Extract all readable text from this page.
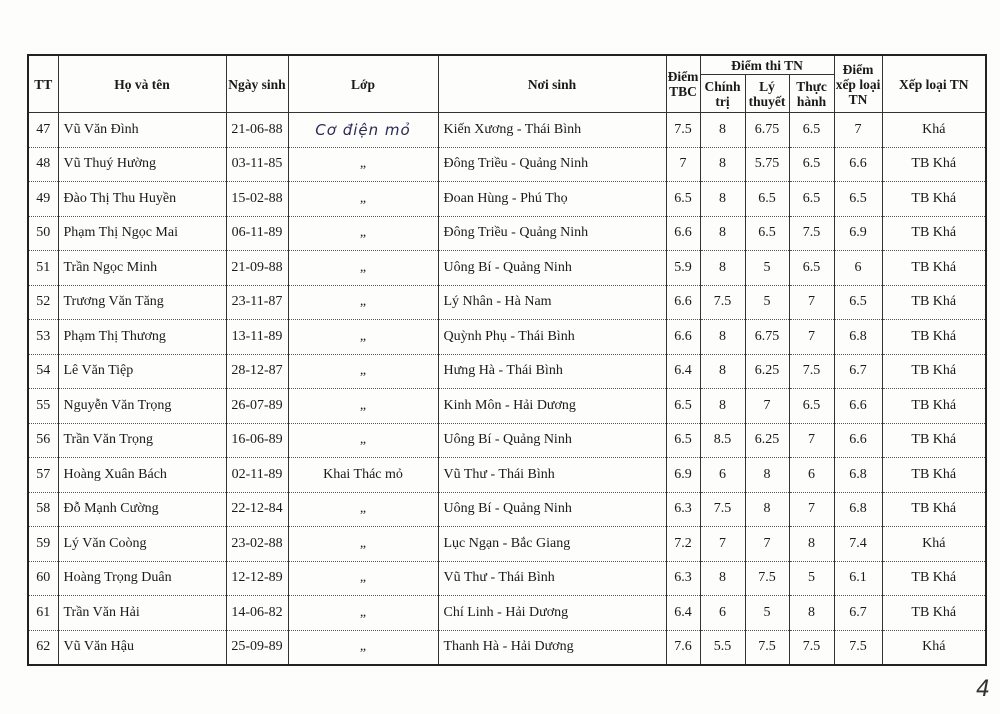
TT	Họ và tên	Ngày sinh	Lớp	Nơi sinh	Điểm TBC	Điểm thi TN			Điểm xếp loại TN	Xếp loại TN
						Chính trị	Lý thuyết	Thực hành		
47	Vũ Văn Đình	21-06-88	Cơ điện mỏ	Kiến Xương - Thái Bình	7.5	8	6.75	6.5	7	Khá
48	Vũ Thuý Hường	03-11-85	„	Đông Triều - Quảng Ninh	7	8	5.75	6.5	6.6	TB Khá
49	Đào Thị Thu Huyền	15-02-88	„	Đoan Hùng - Phú Thọ	6.5	8	6.5	6.5	6.5	TB Khá
50	Phạm Thị Ngọc Mai	06-11-89	„	Đông Triều - Quảng Ninh	6.6	8	6.5	7.5	6.9	TB Khá
51	Trần Ngọc Minh	21-09-88	„	Uông Bí - Quảng Ninh	5.9	8	5	6.5	6	TB Khá
52	Trương Văn Tăng	23-11-87	„	Lý Nhân - Hà Nam	6.6	7.5	5	7	6.5	TB Khá
53	Phạm Thị Thương	13-11-89	„	Quỳnh Phụ - Thái Bình	6.6	8	6.75	7	6.8	TB Khá
54	Lê Văn Tiệp	28-12-87	„	Hưng Hà - Thái Bình	6.4	8	6.25	7.5	6.7	TB Khá
55	Nguyễn Văn Trọng	26-07-89	„	Kinh Môn - Hải Dương	6.5	8	7	6.5	6.6	TB Khá
56	Trần Văn Trọng	16-06-89	„	Uông Bí - Quảng Ninh	6.5	8.5	6.25	7	6.6	TB Khá
57	Hoàng Xuân Bách	02-11-89	Khai Thác mỏ	Vũ Thư - Thái Bình	6.9	6	8	6	6.8	TB Khá
58	Đỗ Mạnh Cường	22-12-84	„	Uông Bí - Quảng Ninh	6.3	7.5	8	7	6.8	TB Khá
59	Lý Văn Coòng	23-02-88	„	Lục Ngạn - Bắc Giang	7.2	7	7	8	7.4	Khá
60	Hoàng Trọng Duân	12-12-89	„	Vũ Thư - Thái Bình	6.3	8	7.5	5	6.1	TB Khá
61	Trần Văn Hải	14-06-82	„	Chí Linh - Hải Dương	6.4	6	5	8	6.7	TB Khá
62	Vũ Văn Hậu	25-09-89	„	Thanh Hà - Hải Dương	7.6	5.5	7.5	7.5	7.5	Khá
4
